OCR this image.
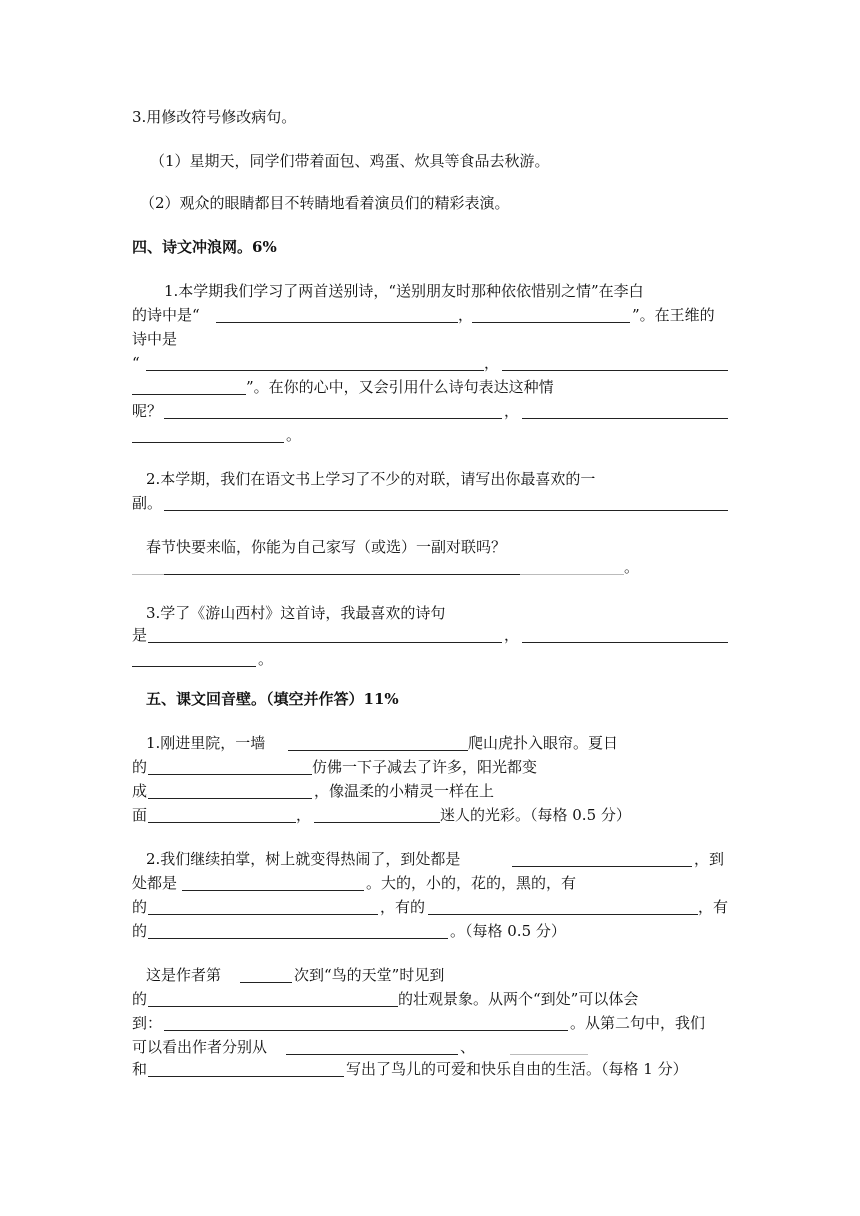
3.用修改符号修改病句。
（1）星期天，同学们带着面包、鸡蛋、炊具等食品去秋游。
（2）观众的眼睛都目不转睛地看着演员们的精彩表演。
四、诗文冲浪网。6%
1.本学期我们学习了两首送别诗，“送别朋友时那种依依惜别之情”在李白
的诗中是“	，	”。在王维的
诗中是
“	，
”。在你的心中，又会引用什么诗句表达这种情
呢？	，
。
2.本学期，我们在语文书上学习了不少的对联，请写出你最喜欢的一
副。
春节快要来临，你能为自己家写（或选）一副对联吗？
。
3.学了《游山西村》这首诗，我最喜欢的诗句
是	，
。
五、课文回音壁。（填空并作答）11%
1.刚进里院，一墙	爬山虎扑入眼帘。夏日
的	仿佛一下子减去了许多，阳光都变
成	，像温柔的小精灵一样在上
面	，	迷人的光彩。（每格 0.5 分）
2.我们继续拍掌，树上就变得热闹了，到处都是	，到
处都是	。大的，小的，花的，黑的，有
的	，有的	，有
的	。（每格 0.5 分）
这是作者第	次到“鸟的天堂”时见到
的	的壮观景象。从两个“到处”可以体会
到：	。从第二句中，我们
可以看出作者分别从	、
和	写出了鸟儿的可爱和快乐自由的生活。（每格 1 分）
